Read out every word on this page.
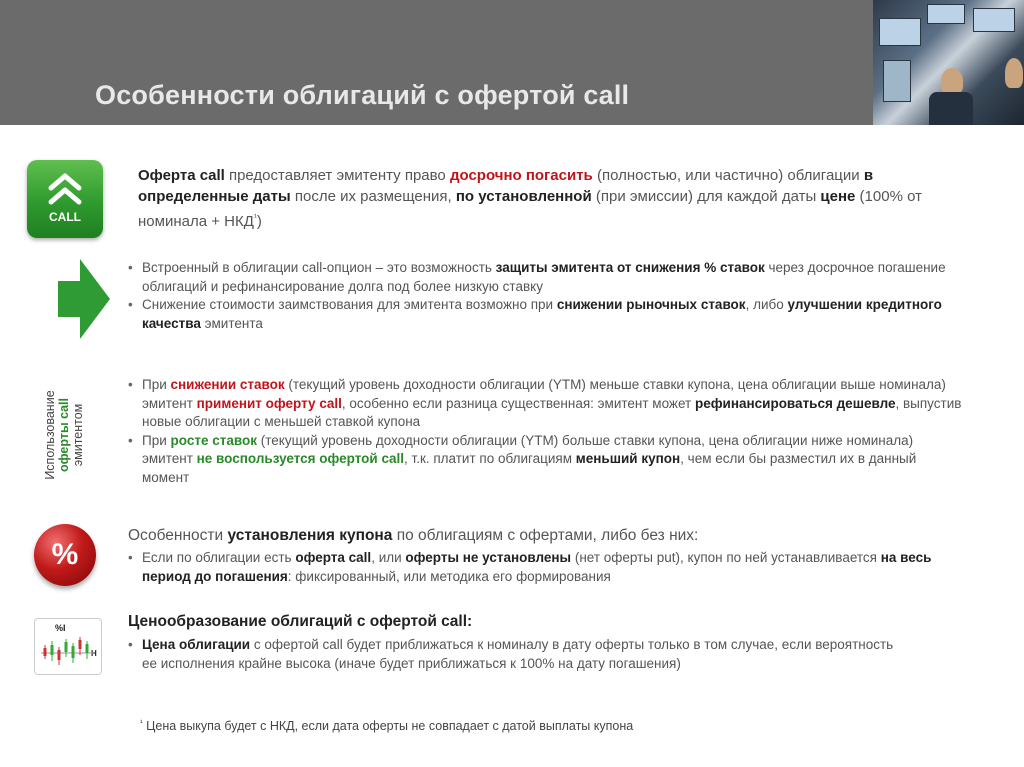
Особенности облигаций с офертой call
CALL
Оферта call предоставляет эмитенту право досрочно погасить (полностью, или частично) облигации в определенные даты после их размещения, по установленной (при эмиссии) для каждой даты цене (100% от номинала + $НКД^{^1}$)
• Встроенный в облигации call-опцион – это возможность защиты эмитента от снижения % ставок через досрочное погашение облигаций и рефинансирование долга под более низкую ставку
• Снижение стоимости заимствования для эмитента возможно при снижении рыночных ставок, либо улучшении кредитного качества эмитента
Использование оферты call эмитентом
• При снижении ставок (текущий уровень доходности облигации (YTM) меньше ставки купона, цена облигации выше номинала) эмитент применит оферту call, особенно если разница существенная: эмитент может рефинансироваться дешевле, выпустив новые облигации с меньшей ставкой купона
• При росте ставок (текущий уровень доходности облигации (YTM) больше ставки купона, цена облигации ниже номинала) эмитент не воспользуется офертой call, т.к. платит по облигациям меньший купон, чем если бы разместил их в данный момент
%
Особенности установления купона по облигациям с офертами, либо без них:
• Если по облигации есть оферта call, или оферты не установлены (нет оферты put), купон по ней устанавливается на весь период до погашения: фиксированный, или методика его формирования
%I
H
Ценообразование облигаций с офертой call:
• Цена облигации с офертой call будет приближаться к номиналу в дату оферты только в том случае, если вероятность ее исполнения крайне высока (иначе будет приближаться к 100% на дату погашения)
$^{^1}$ Цена выкупа будет с НКД, если дата оферты не совпадает с датой выплаты купона
